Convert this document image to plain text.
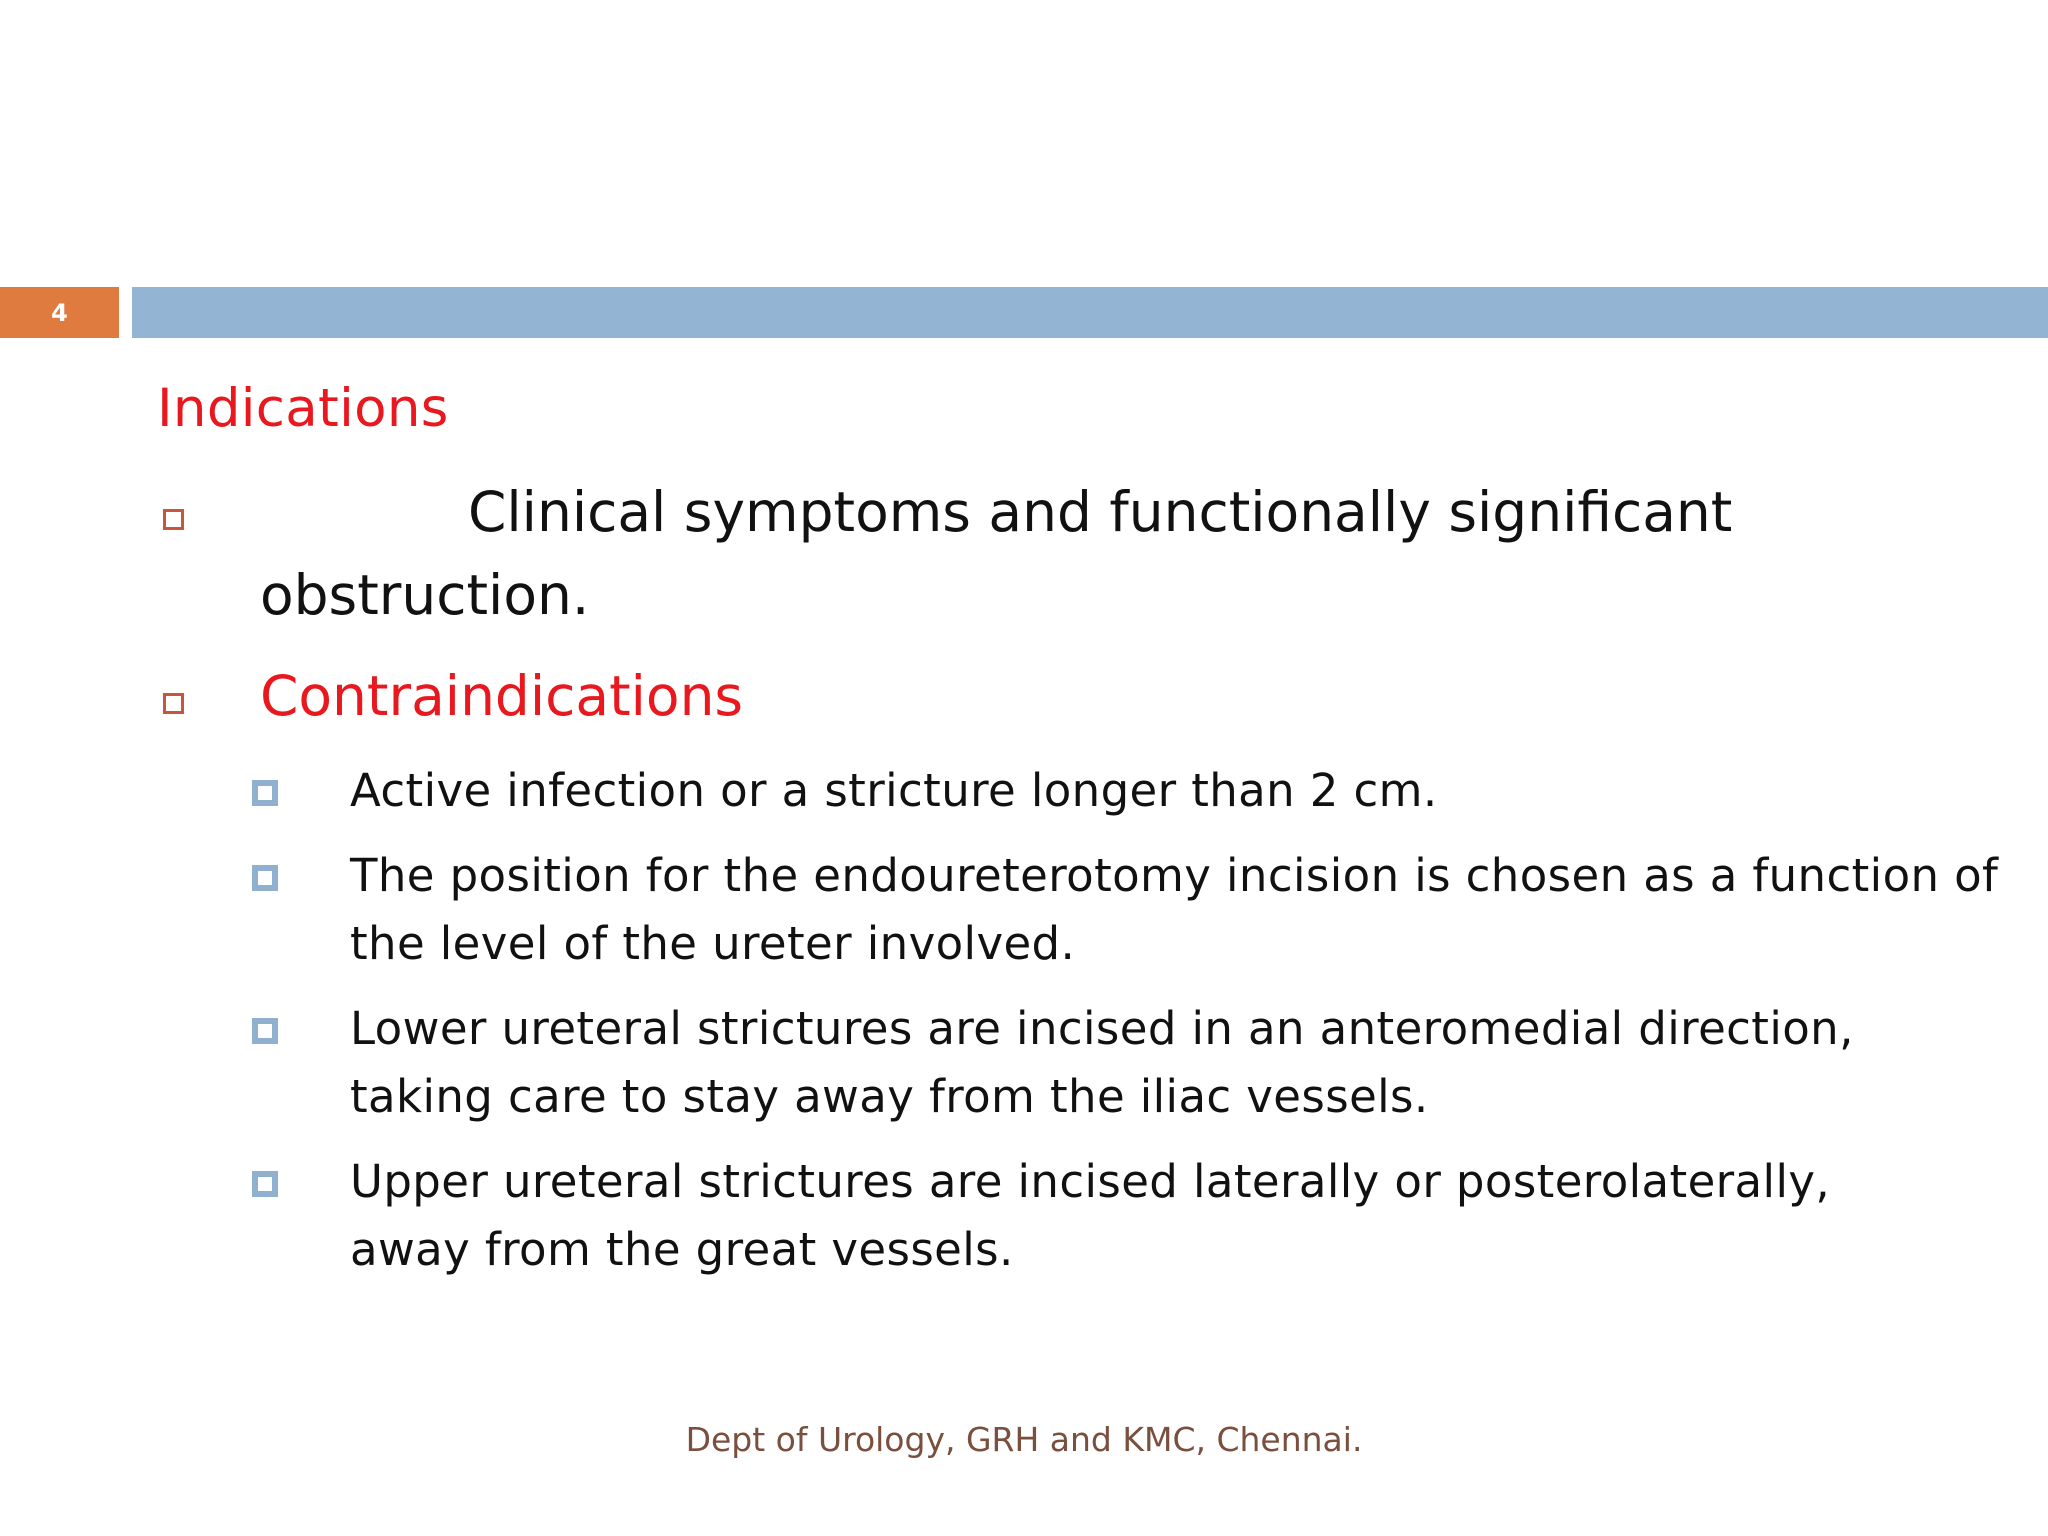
4
Indications
Clinical symptoms and functionally significant
obstruction.
Contraindications
Active infection or a stricture longer than 2 cm.
The position for the endoureterotomy incision is chosen as a function of
the level of the ureter involved.
Lower ureteral strictures are incised in an anteromedial direction,
taking care to stay away from the iliac vessels.
Upper ureteral strictures are incised laterally or posterolaterally,
away from the great vessels.
Dept of Urology, GRH and KMC, Chennai.
